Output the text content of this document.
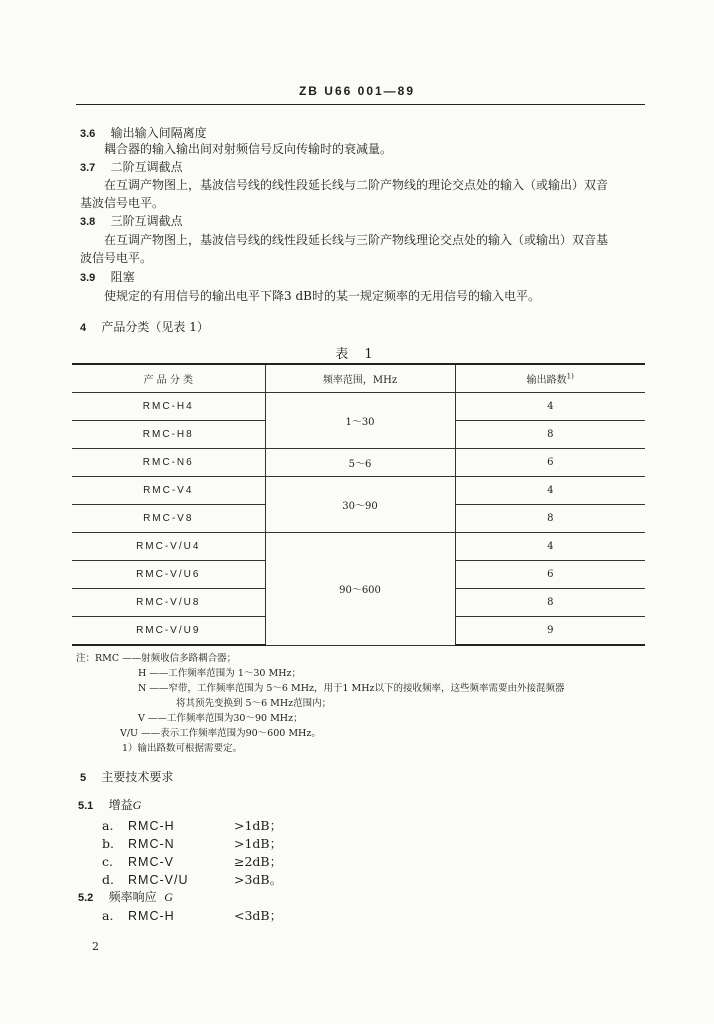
ZB U66 001—89
3.6 输出输入间隔离度
耦合器的输入输出间对射频信号反向传输时的衰减量。
3.7 二阶互调截点
在互调产物图上，基波信号线的线性段延长线与二阶产物线的理论交点处的输入（或输出）双音
基波信号电平。
3.8 三阶互调截点
在互调产物图上，基波信号线的线性段延长线与三阶产物线理论交点处的输入（或输出）双音基
波信号电平。
3.9 阻塞
使规定的有用信号的输出电平下降3 dB时的某一规定频率的无用信号的输入电平。
4 产品分类（见表 1）
表 1
产 品 分 类	频率范围，MHz	输出路数$^{1)}$
RMC-H4	1～30	4
RMC-H8		8
RMC-N6	5～6	6
RMC-V4	30～90	4
RMC-V8		8
RMC-V/U4	90～600	4
RMC-V/U6		6
RMC-V/U8		8
RMC-V/U9		9
注：RMC ——射频收信多路耦合器；
H ——工作频率范围为 1～30 MHz；
N ——窄带，工作频率范围为 5～6 MHz，用于1 MHz以下的接收频率，这些频率需要由外接混频器
将其预先变换到 5～6 MHz范围内；
V ——工作频率范围为30～90 MHz；
V/U ——表示工作频率范围为90～600 MHz。
1）输出路数可根据需要定。
5 主要技术要求
5.1 增益G
a. RMC-H	>1dB；
b. RMC-N	>1dB；
c. RMC-V	≥2dB；
d. RMC-V/U	>3dB。
5.2 频率响应 G
a. RMC-H	<3dB；
2
